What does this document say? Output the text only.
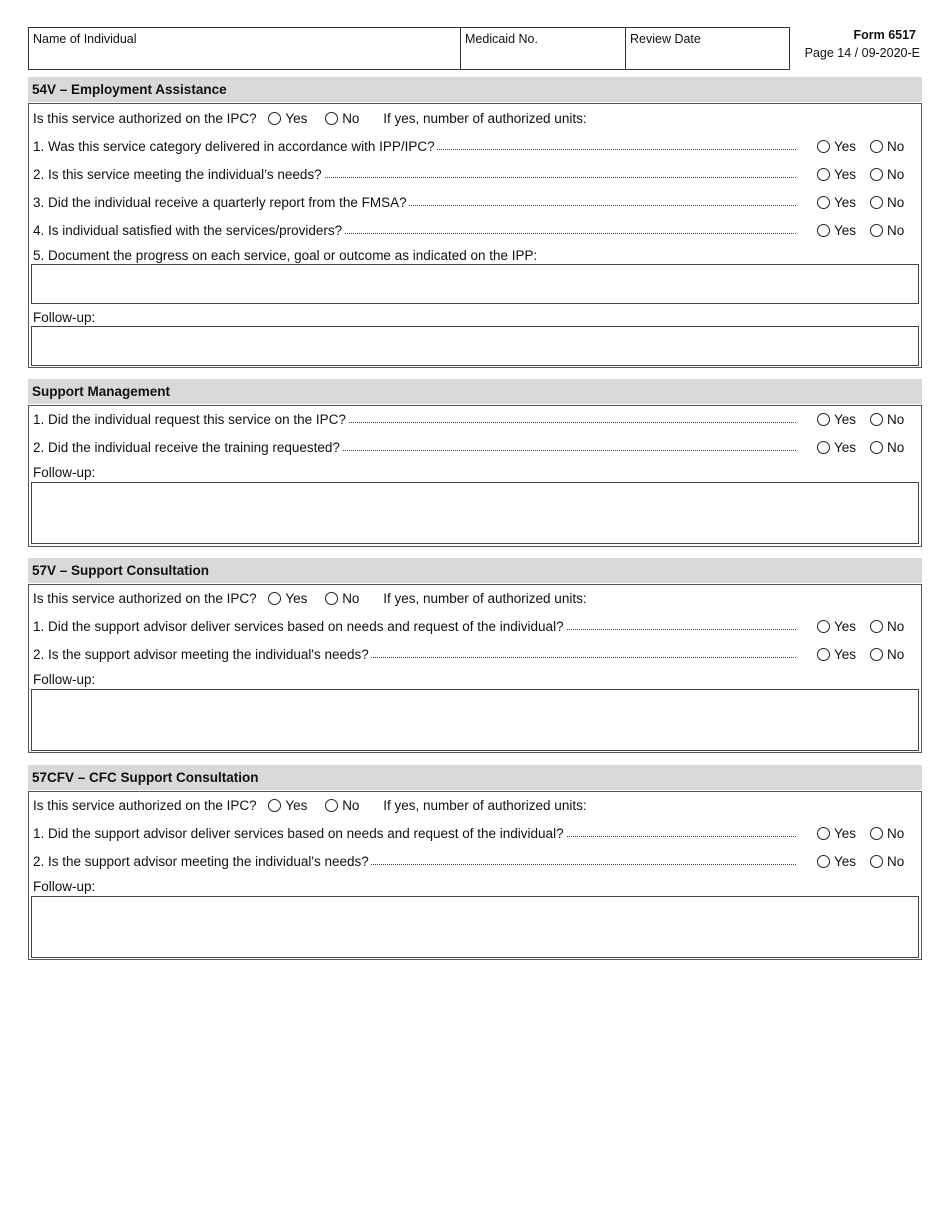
Name of Individual	Medicaid No.	Review Date	Form 6517
Page 14 / 09-2020-E
54V – Employment Assistance
Is this service authorized on the IPC? Yes	No If yes, number of authorized units:
1. Was this service category delivered in accordance with IPP/IPC?	Yes No
2. Is this service meeting the individual’s needs?	Yes No
3. Did the individual receive a quarterly report from the FMSA?	Yes No
4. Is individual satisfied with the services/providers?	Yes No
5. Document the progress on each service, goal or outcome as indicated on the IPP:
Follow-up:
Support Management
1. Did the individual request this service on the IPC?	Yes No
2. Did the individual receive the training requested?	Yes No
Follow-up:
57V – Support Consultation
Is this service authorized on the IPC? Yes	No If yes, number of authorized units:
1. Did the support advisor deliver services based on needs and request of the individual?	Yes No
2. Is the support advisor meeting the individual's needs?	Yes No
Follow-up:
57CFV – CFC Support Consultation
Is this service authorized on the IPC? Yes	No If yes, number of authorized units:
1. Did the support advisor deliver services based on needs and request of the individual?	Yes No
2. Is the support advisor meeting the individual's needs?	Yes No
Follow-up:
